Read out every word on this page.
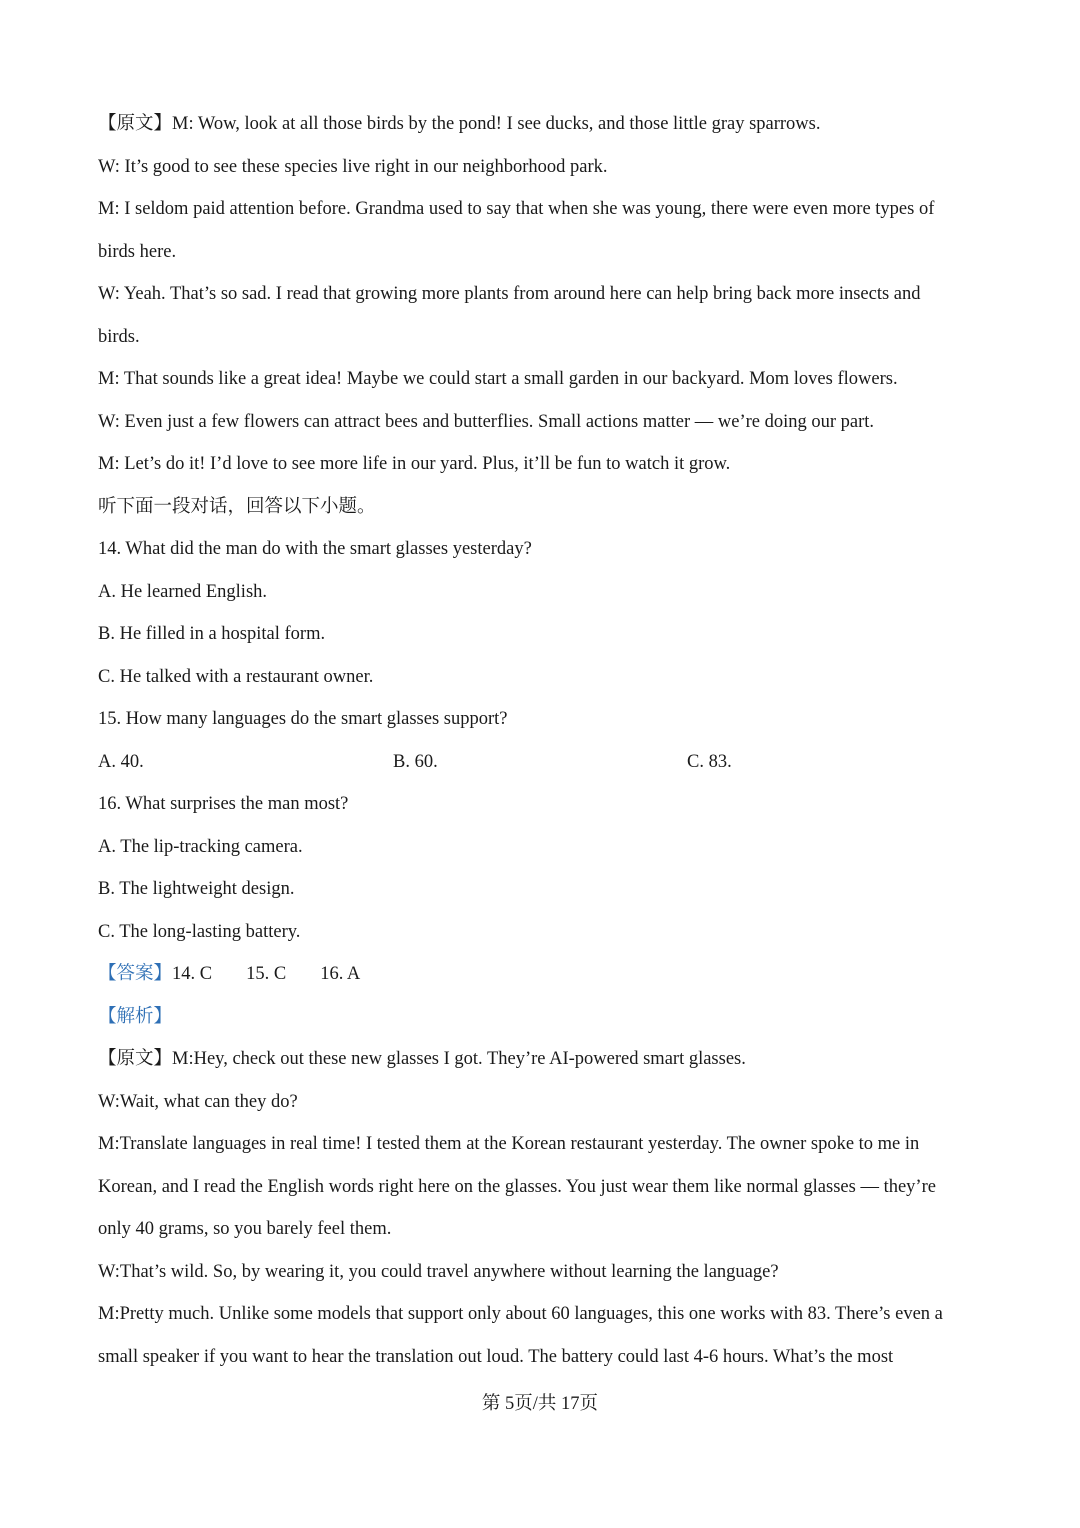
【原文】M: Wow, look at all those birds by the pond! I see ducks, and those little gray sparrows.
W: It’s good to see these species live right in our neighborhood park.
M: I seldom paid attention before. Grandma used to say that when she was young, there were even more types of
birds here.
W: Yeah. That’s so sad. I read that growing more plants from around here can help bring back more insects and
birds.
M: That sounds like a great idea! Maybe we could start a small garden in our backyard. Mom loves flowers.
W: Even just a few flowers can attract bees and butterflies. Small actions matter — we’re doing our part.
M: Let’s do it! I’d love to see more life in our yard. Plus, it’ll be fun to watch it grow.
听下面一段对话，回答以下小题。
14. What did the man do with the smart glasses yesterday?
A. He learned English.
B. He filled in a hospital form.
C. He talked with a restaurant owner.
15. How many languages do the smart glasses support?
A. 40.	B. 60.	C. 83.
16. What surprises the man most?
A. The lip-tracking camera.
B. The lightweight design.
C. The long-lasting battery.
【答案】14. C 15. C 16. A
【解析】
【原文】M:Hey, check out these new glasses I got. They’re AI-powered smart glasses.
W:Wait, what can they do?
M:Translate languages in real time! I tested them at the Korean restaurant yesterday. The owner spoke to me in
Korean, and I read the English words right here on the glasses. You just wear them like normal glasses — they’re
only 40 grams, so you barely feel them.
W:That’s wild. So, by wearing it, you could travel anywhere without learning the language?
M:Pretty much. Unlike some models that support only about 60 languages, this one works with 83. There’s even a
small speaker if you want to hear the translation out loud. The battery could last 4-6 hours. What’s the most
第 5页/共 17页
